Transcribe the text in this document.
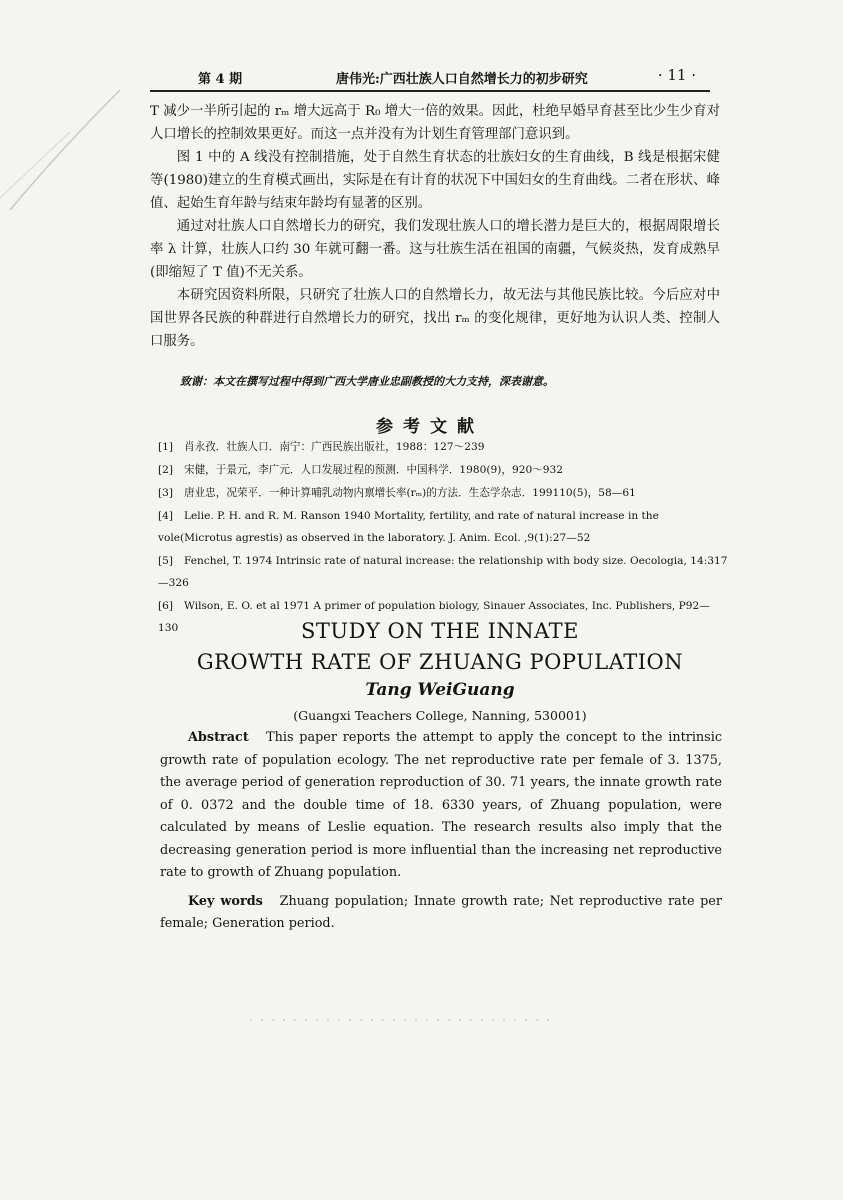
第 4 期	唐伟光:广西壮族人口自然增长力的初步研究	· 11 ·

T 减少一半所引起的 rₘ 增大远高于 R₀ 增大一倍的效果。因此，杜绝早婚早育甚至比少生少育对人口增长的控制效果更好。而这一点并没有为计划生育管理部门意识到。

图 1 中的 A 线没有控制措施，处于自然生育状态的壮族妇女的生育曲线，B 线是根据宋健等(1980)建立的生育模式画出，实际是在有计育的状况下中国妇女的生育曲线。二者在形状、峰值、起始生育年龄与结束年龄均有显著的区别。

通过对壮族人口自然增长力的研究，我们发现壮族人口的增长潜力是巨大的，根据周限增长率 λ 计算，壮族人口约 30 年就可翻一番。这与壮族生活在祖国的南疆，气候炎热，发育成熟早(即缩短了 T 值)不无关系。

本研究因资料所限，只研究了壮族人口的自然增长力，故无法与其他民族比较。今后应对中国世界各民族的种群进行自然增长力的研究，找出 rₘ 的变化规律，更好地为认识人类、控制人口服务。

致谢：本文在撰写过程中得到广西大学唐业忠副教授的大力支持，深表谢意。
参考文献
[1] 肖永孜．壮族人口．南宁：广西民族出版社，1988：127～239
[2] 宋健，于景元，李广元．人口发展过程的预测．中国科学．1980(9)，920～932
[3] 唐业忠，况荣平．一种计算哺乳动物内禀增长率(rₘ)的方法．生态学杂志．199110(5)，58—61
[4] Lelie. P. H. and R. M. Ranson 1940 Mortality, fertility, and rate of natural increase in the vole(Microtus agrestis) as observed in the laboratory. J. Anim. Ecol. ,9(1):27—52
[5] Fenchel, T. 1974 Intrinsic rate of natural increase: the relationship with body size. Oecologia, 14:317—326
[6] Wilson, E. O. et al 1971 A primer of population biology, Sinauer Associates, Inc. Publishers, P92—130	STUDY ON THE INNATE
GROWTH RATE OF ZHUANG POPULATION
Tang WeiGuang
(Guangxi Teachers College, Nanning, 530001)

Abstract This paper reports the attempt to apply the concept to the intrinsic growth rate of population ecology. The net reproductive rate per female of 3. 1375, the average period of generation reproduction of 30. 71 years, the innate growth rate of 0. 0372 and the double time of 18. 6330 years, of Zhuang population, were calculated by means of Leslie equation. The research results also imply that the decreasing generation period is more influential than the increasing net reproductive rate to growth of Zhuang population.

Key words Zhuang population; Innate growth rate; Net reproductive rate per female; Generation period.
